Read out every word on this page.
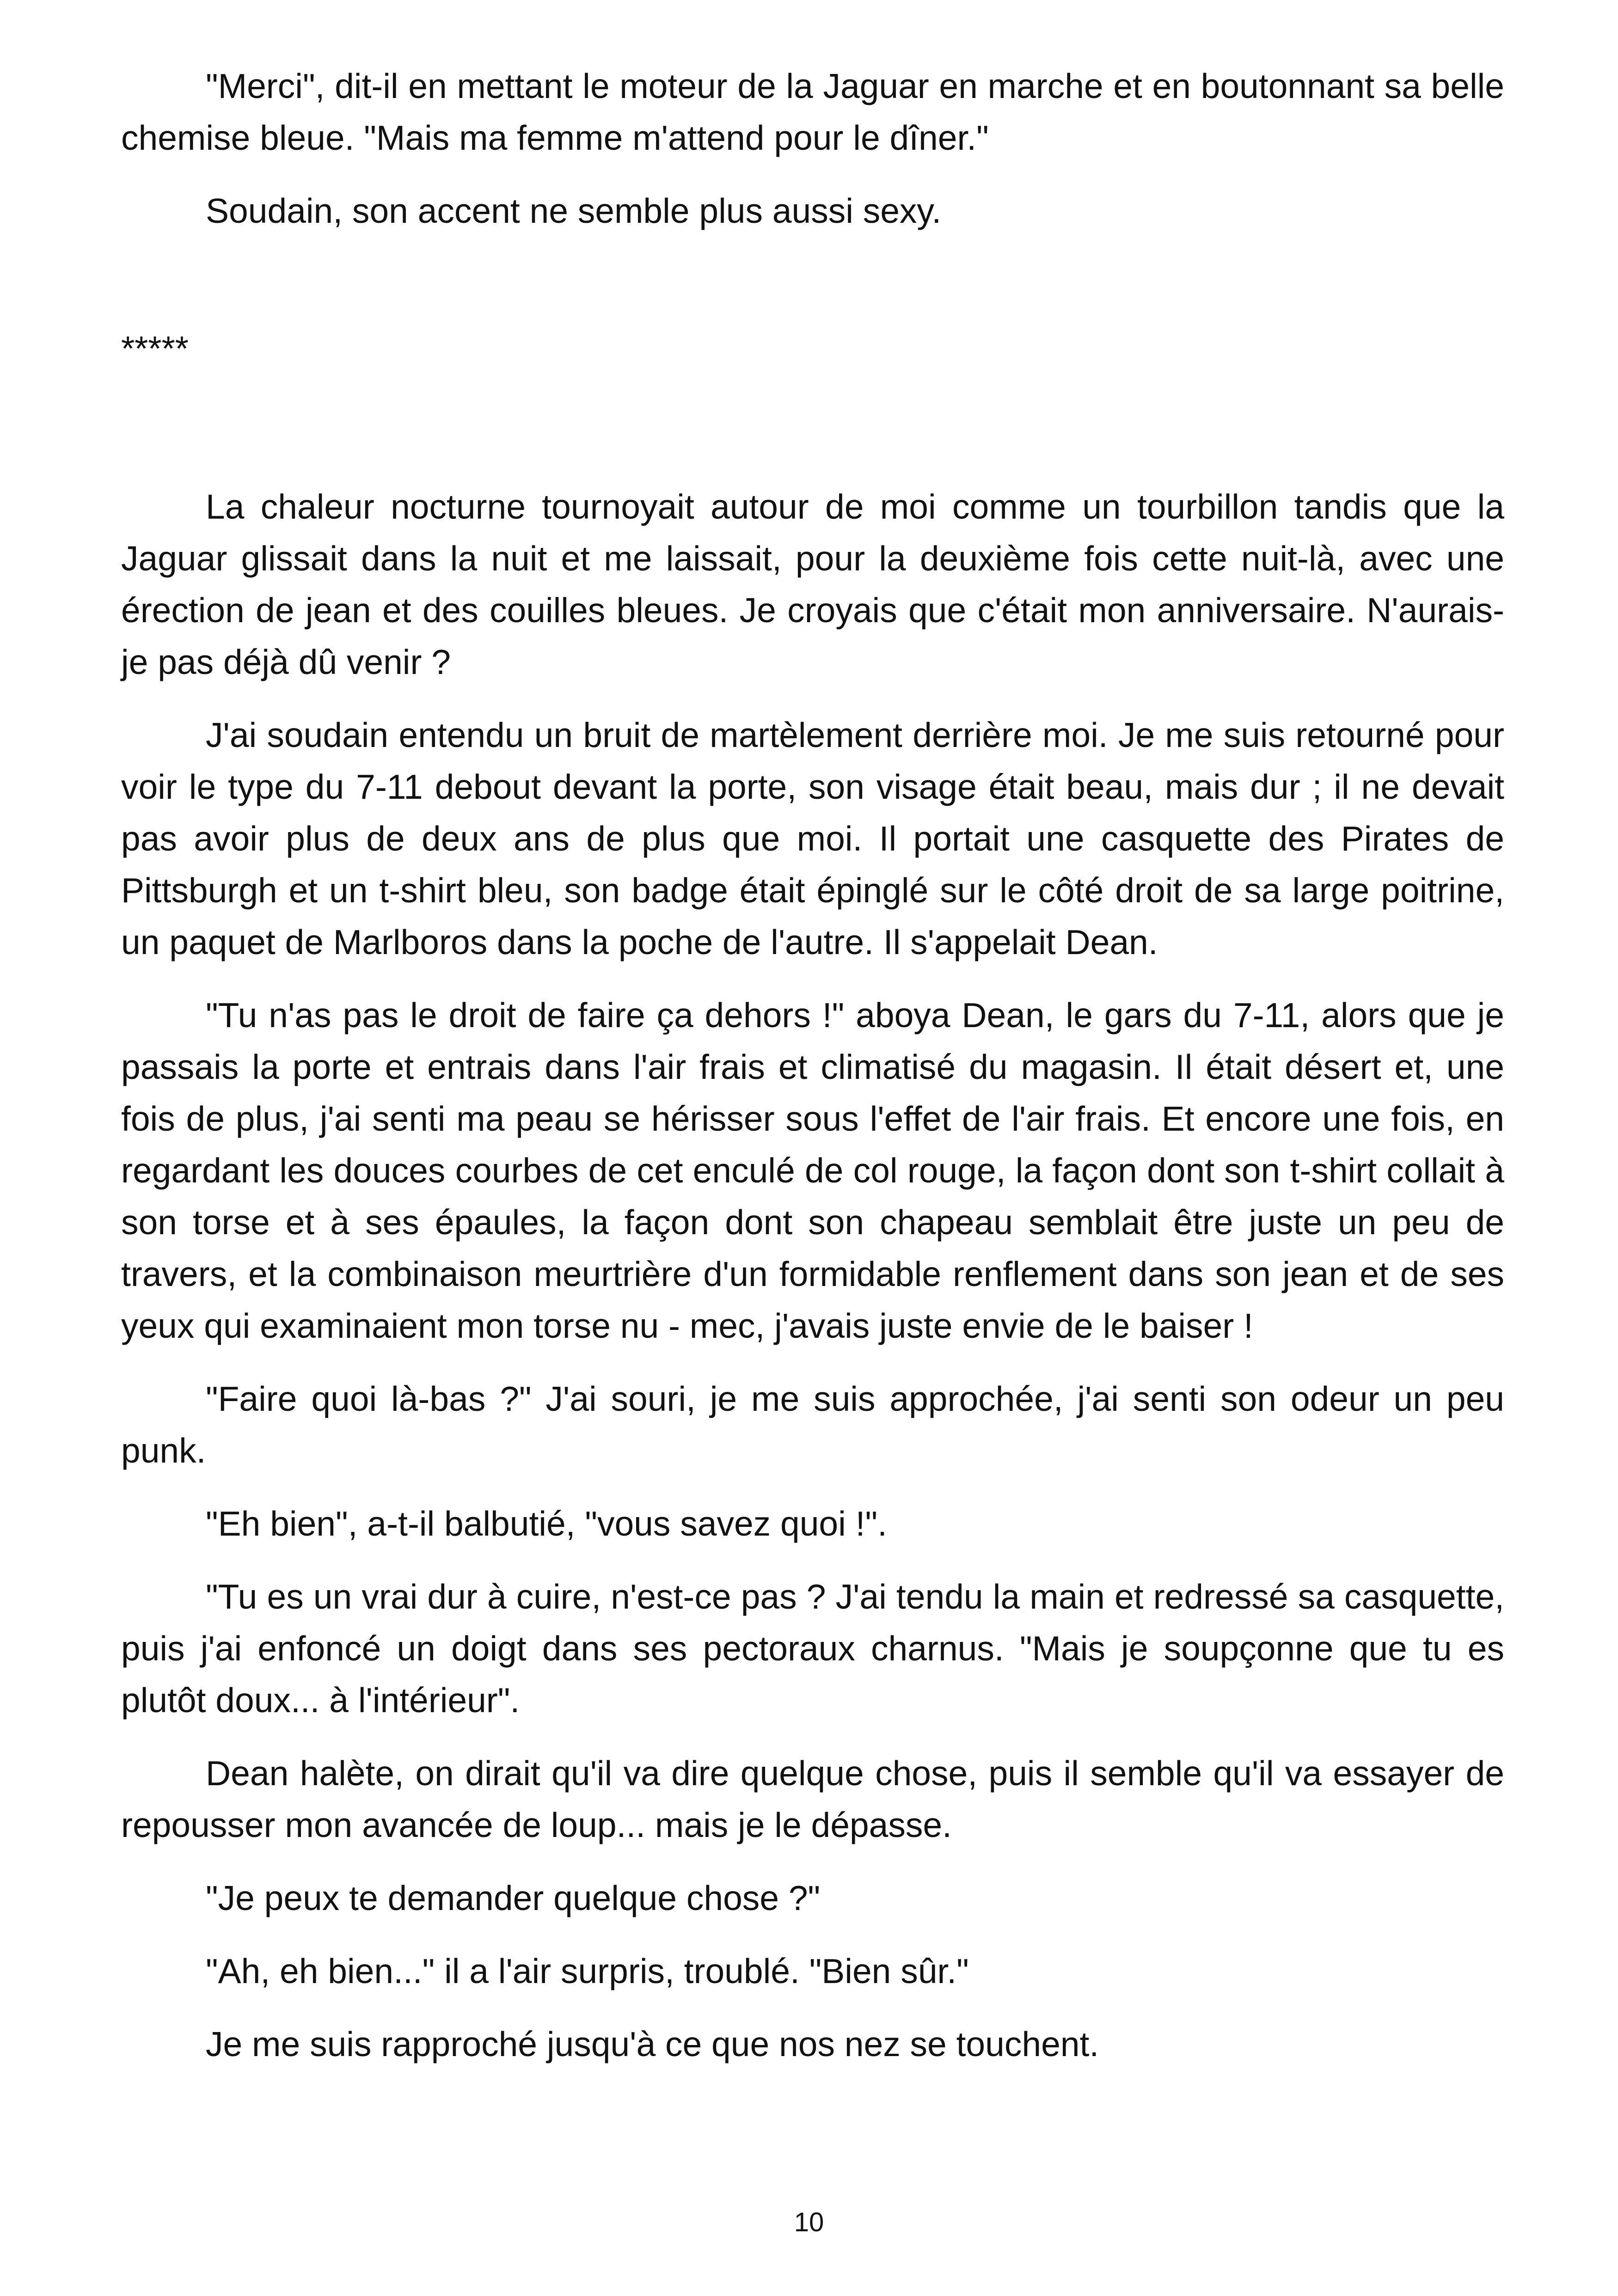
"Merci", dit-il en mettant le moteur de la Jaguar en marche et en boutonnant sa belle chemise bleue. "Mais ma femme m'attend pour le dîner."

Soudain, son accent ne semble plus aussi sexy.

*****

La chaleur nocturne tournoyait autour de moi comme un tourbillon tandis que la Jaguar glissait dans la nuit et me laissait, pour la deuxième fois cette nuit-là, avec une érection de jean et des couilles bleues. Je croyais que c'était mon anniversaire. N'aurais-je pas déjà dû venir ?

J'ai soudain entendu un bruit de martèlement derrière moi. Je me suis retourné pour voir le type du 7-11 debout devant la porte, son visage était beau, mais dur ; il ne devait pas avoir plus de deux ans de plus que moi. Il portait une casquette des Pirates de Pittsburgh et un t-shirt bleu, son badge était épinglé sur le côté droit de sa large poitrine, un paquet de Marlboros dans la poche de l'autre. Il s'appelait Dean.

"Tu n'as pas le droit de faire ça dehors !" aboya Dean, le gars du 7-11, alors que je passais la porte et entrais dans l'air frais et climatisé du magasin. Il était désert et, une fois de plus, j'ai senti ma peau se hérisser sous l'effet de l'air frais. Et encore une fois, en regardant les douces courbes de cet enculé de col rouge, la façon dont son t-shirt collait à son torse et à ses épaules, la façon dont son chapeau semblait être juste un peu de travers, et la combinaison meurtrière d'un formidable renflement dans son jean et de ses yeux qui examinaient mon torse nu - mec, j'avais juste envie de le baiser !

"Faire quoi là-bas ?" J'ai souri, je me suis approchée, j'ai senti son odeur un peu punk.

"Eh bien", a-t-il balbutié, "vous savez quoi !".

"Tu es un vrai dur à cuire, n'est-ce pas ? J'ai tendu la main et redressé sa casquette, puis j'ai enfoncé un doigt dans ses pectoraux charnus. "Mais je soupçonne que tu es plutôt doux... à l'intérieur".

Dean halète, on dirait qu'il va dire quelque chose, puis il semble qu'il va essayer de repousser mon avancée de loup... mais je le dépasse.

"Je peux te demander quelque chose ?"

"Ah, eh bien..." il a l'air surpris, troublé. "Bien sûr."

Je me suis rapproché jusqu'à ce que nos nez se touchent.

10
